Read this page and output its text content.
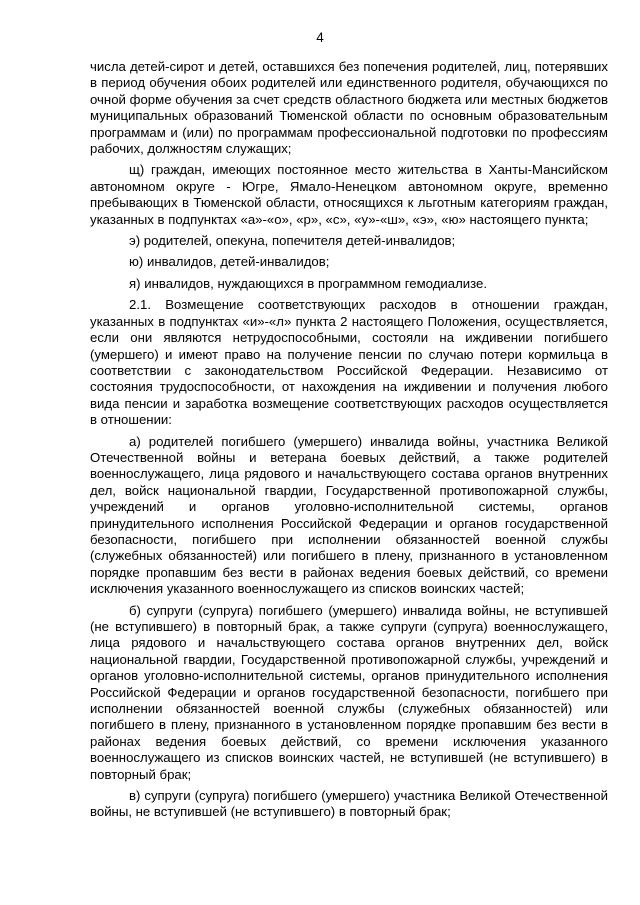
4

числа детей-сирот и детей, оставшихся без попечения родителей, лиц, потерявших в период обучения обоих родителей или единственного родителя, обучающихся по очной форме обучения за счет средств областного бюджета или местных бюджетов муниципальных образований Тюменской области по основным образовательным программам и (или) по программам профессиональной подготовки по профессиям рабочих, должностям служащих;

щ) граждан, имеющих постоянное место жительства в Ханты-Мансийском автономном округе - Югре, Ямало-Ненецком автономном округе, временно пребывающих в Тюменской области, относящихся к льготным категориям граждан, указанных в подпунктах «а»-«о», «р», «с», «у»-«ш», «э», «ю» настоящего пункта;

э) родителей, опекуна, попечителя детей-инвалидов;

ю) инвалидов, детей-инвалидов;

я) инвалидов, нуждающихся в программном гемодиализе.

2.1. Возмещение соответствующих расходов в отношении граждан, указанных в подпунктах «и»-«л» пункта 2 настоящего Положения, осуществляется, если они являются нетрудоспособными, состояли на иждивении погибшего (умершего) и имеют право на получение пенсии по случаю потери кормильца в соответствии с законодательством Российской Федерации. Независимо от состояния трудоспособности, от нахождения на иждивении и получения любого вида пенсии и заработка возмещение соответствующих расходов осуществляется в отношении:

а) родителей погибшего (умершего) инвалида войны, участника Великой Отечественной войны и ветерана боевых действий, а также родителей военнослужащего, лица рядового и начальствующего состава органов внутренних дел, войск национальной гвардии, Государственной противопожарной службы, учреждений и органов уголовно-исполнительной системы, органов принудительного исполнения Российской Федерации и органов государственной безопасности, погибшего при исполнении обязанностей военной службы (служебных обязанностей) или погибшего в плену, признанного в установленном порядке пропавшим без вести в районах ведения боевых действий, со времени исключения указанного военнослужащего из списков воинских частей;

б) супруги (супруга) погибшего (умершего) инвалида войны, не вступившей (не вступившего) в повторный брак, а также супруги (супруга) военнослужащего, лица рядового и начальствующего состава органов внутренних дел, войск национальной гвардии, Государственной противопожарной службы, учреждений и органов уголовно-исполнительной системы, органов принудительного исполнения Российской Федерации и органов государственной безопасности, погибшего при исполнении обязанностей военной службы (служебных обязанностей) или погибшего в плену, признанного в установленном порядке пропавшим без вести в районах ведения боевых действий, со времени исключения указанного военнослужащего из списков воинских частей, не вступившей (не вступившего) в повторный брак;

в) супруги (супруга) погибшего (умершего) участника Великой Отечественной войны, не вступившей (не вступившего) в повторный брак;
